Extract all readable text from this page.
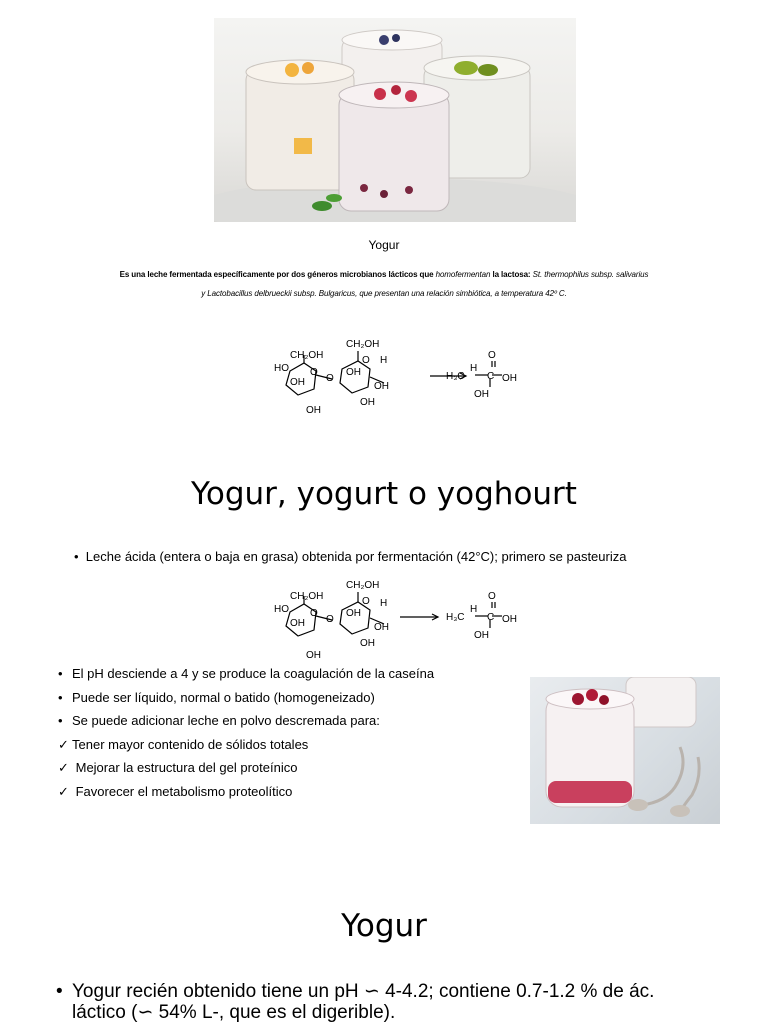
Yogur
Es una leche fermentada específicamente por dos géneros microbianos lácticos que homofermentan la lactosa: St. thermophilus subsp. salivarius
y Lactobacillus delbrueckii subsp. Bulgaricus, que presentan una relación simbiótica, a temperatura 42º C.
CH₂OH
CH₂OH
HO
OH
OH
O
O
O
OH
H
OH
OH
H₃C
H
C
O
OH
OH
Yogur, yogurt o yoghourt
• Leche ácida (entera o baja en grasa) obtenida por fermentación (42°C); primero se pasteuriza
CH₂OH
CH₂OH
HO
OH
OH
O
O
O
OH
H
OH
OH
H₃C
H
C
O
OH
OH
• El pH desciende a 4 y se produce la coagulación de la caseína
• Puede ser líquido, normal o batido (homogeneizado)
• Se puede adicionar leche en polvo descremada para:
✓ Tener mayor contenido de sólidos totales
✓ Mejorar la estructura del gel proteínico
✓ Favorecer el metabolismo proteolítico
Yogur
• Yogur recién obtenido tiene un pH ∽ 4-4.2; contiene 0.7-1.2 % de ác.
láctico (∽ 54% L-, que es el digerible).
